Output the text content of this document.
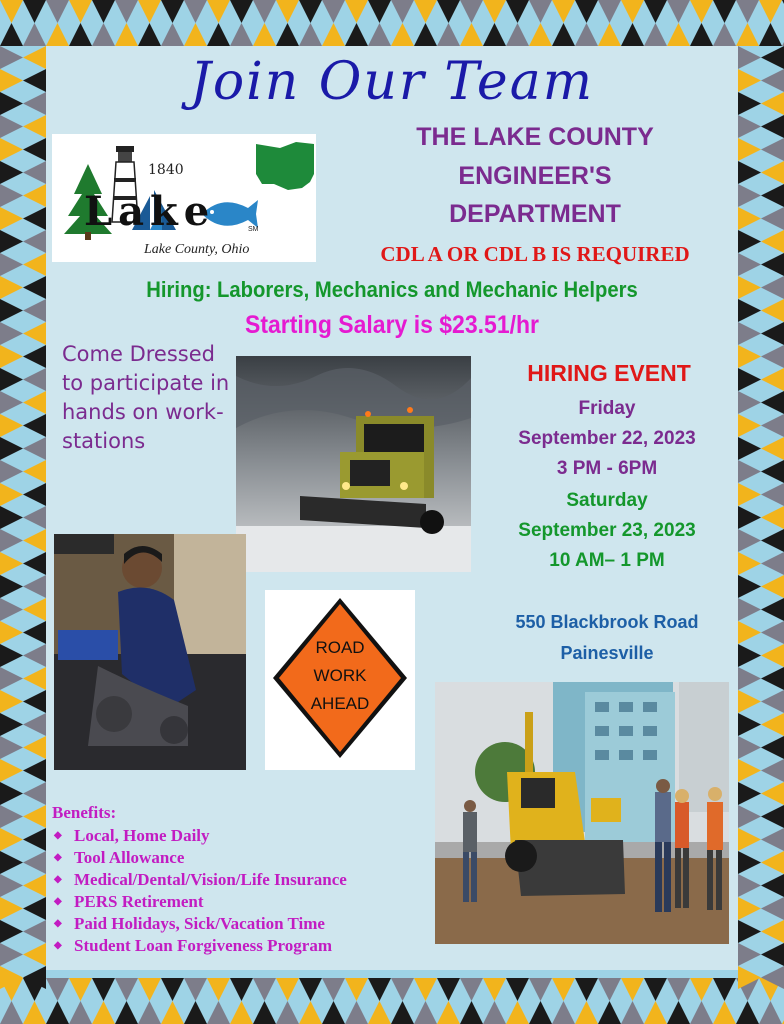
Join Our Team
1840
Lake	SM
Lake County, Ohio
THE LAKE COUNTY
ENGINEER'S
DEPARTMENT
CDL A OR CDL B IS REQUIRED
Hiring: Laborers, Mechanics and Mechanic Helpers
Starting Salary is $23.51/hr
Come Dressed to participate in hands on work-stations
HIRING EVENT
Friday
September 22, 2023
3 PM - 6PM
Saturday
September 23, 2023
10 AM– 1 PM
550 Blackbrook Road
Painesville
ROAD
WORK
AHEAD
Benefits:
◆ Local, Home Daily
◆ Tool Allowance
◆ Medical/Dental/Vision/Life Insurance
◆ PERS Retirement
◆ Paid Holidays, Sick/Vacation Time
◆ Student Loan Forgiveness Program
